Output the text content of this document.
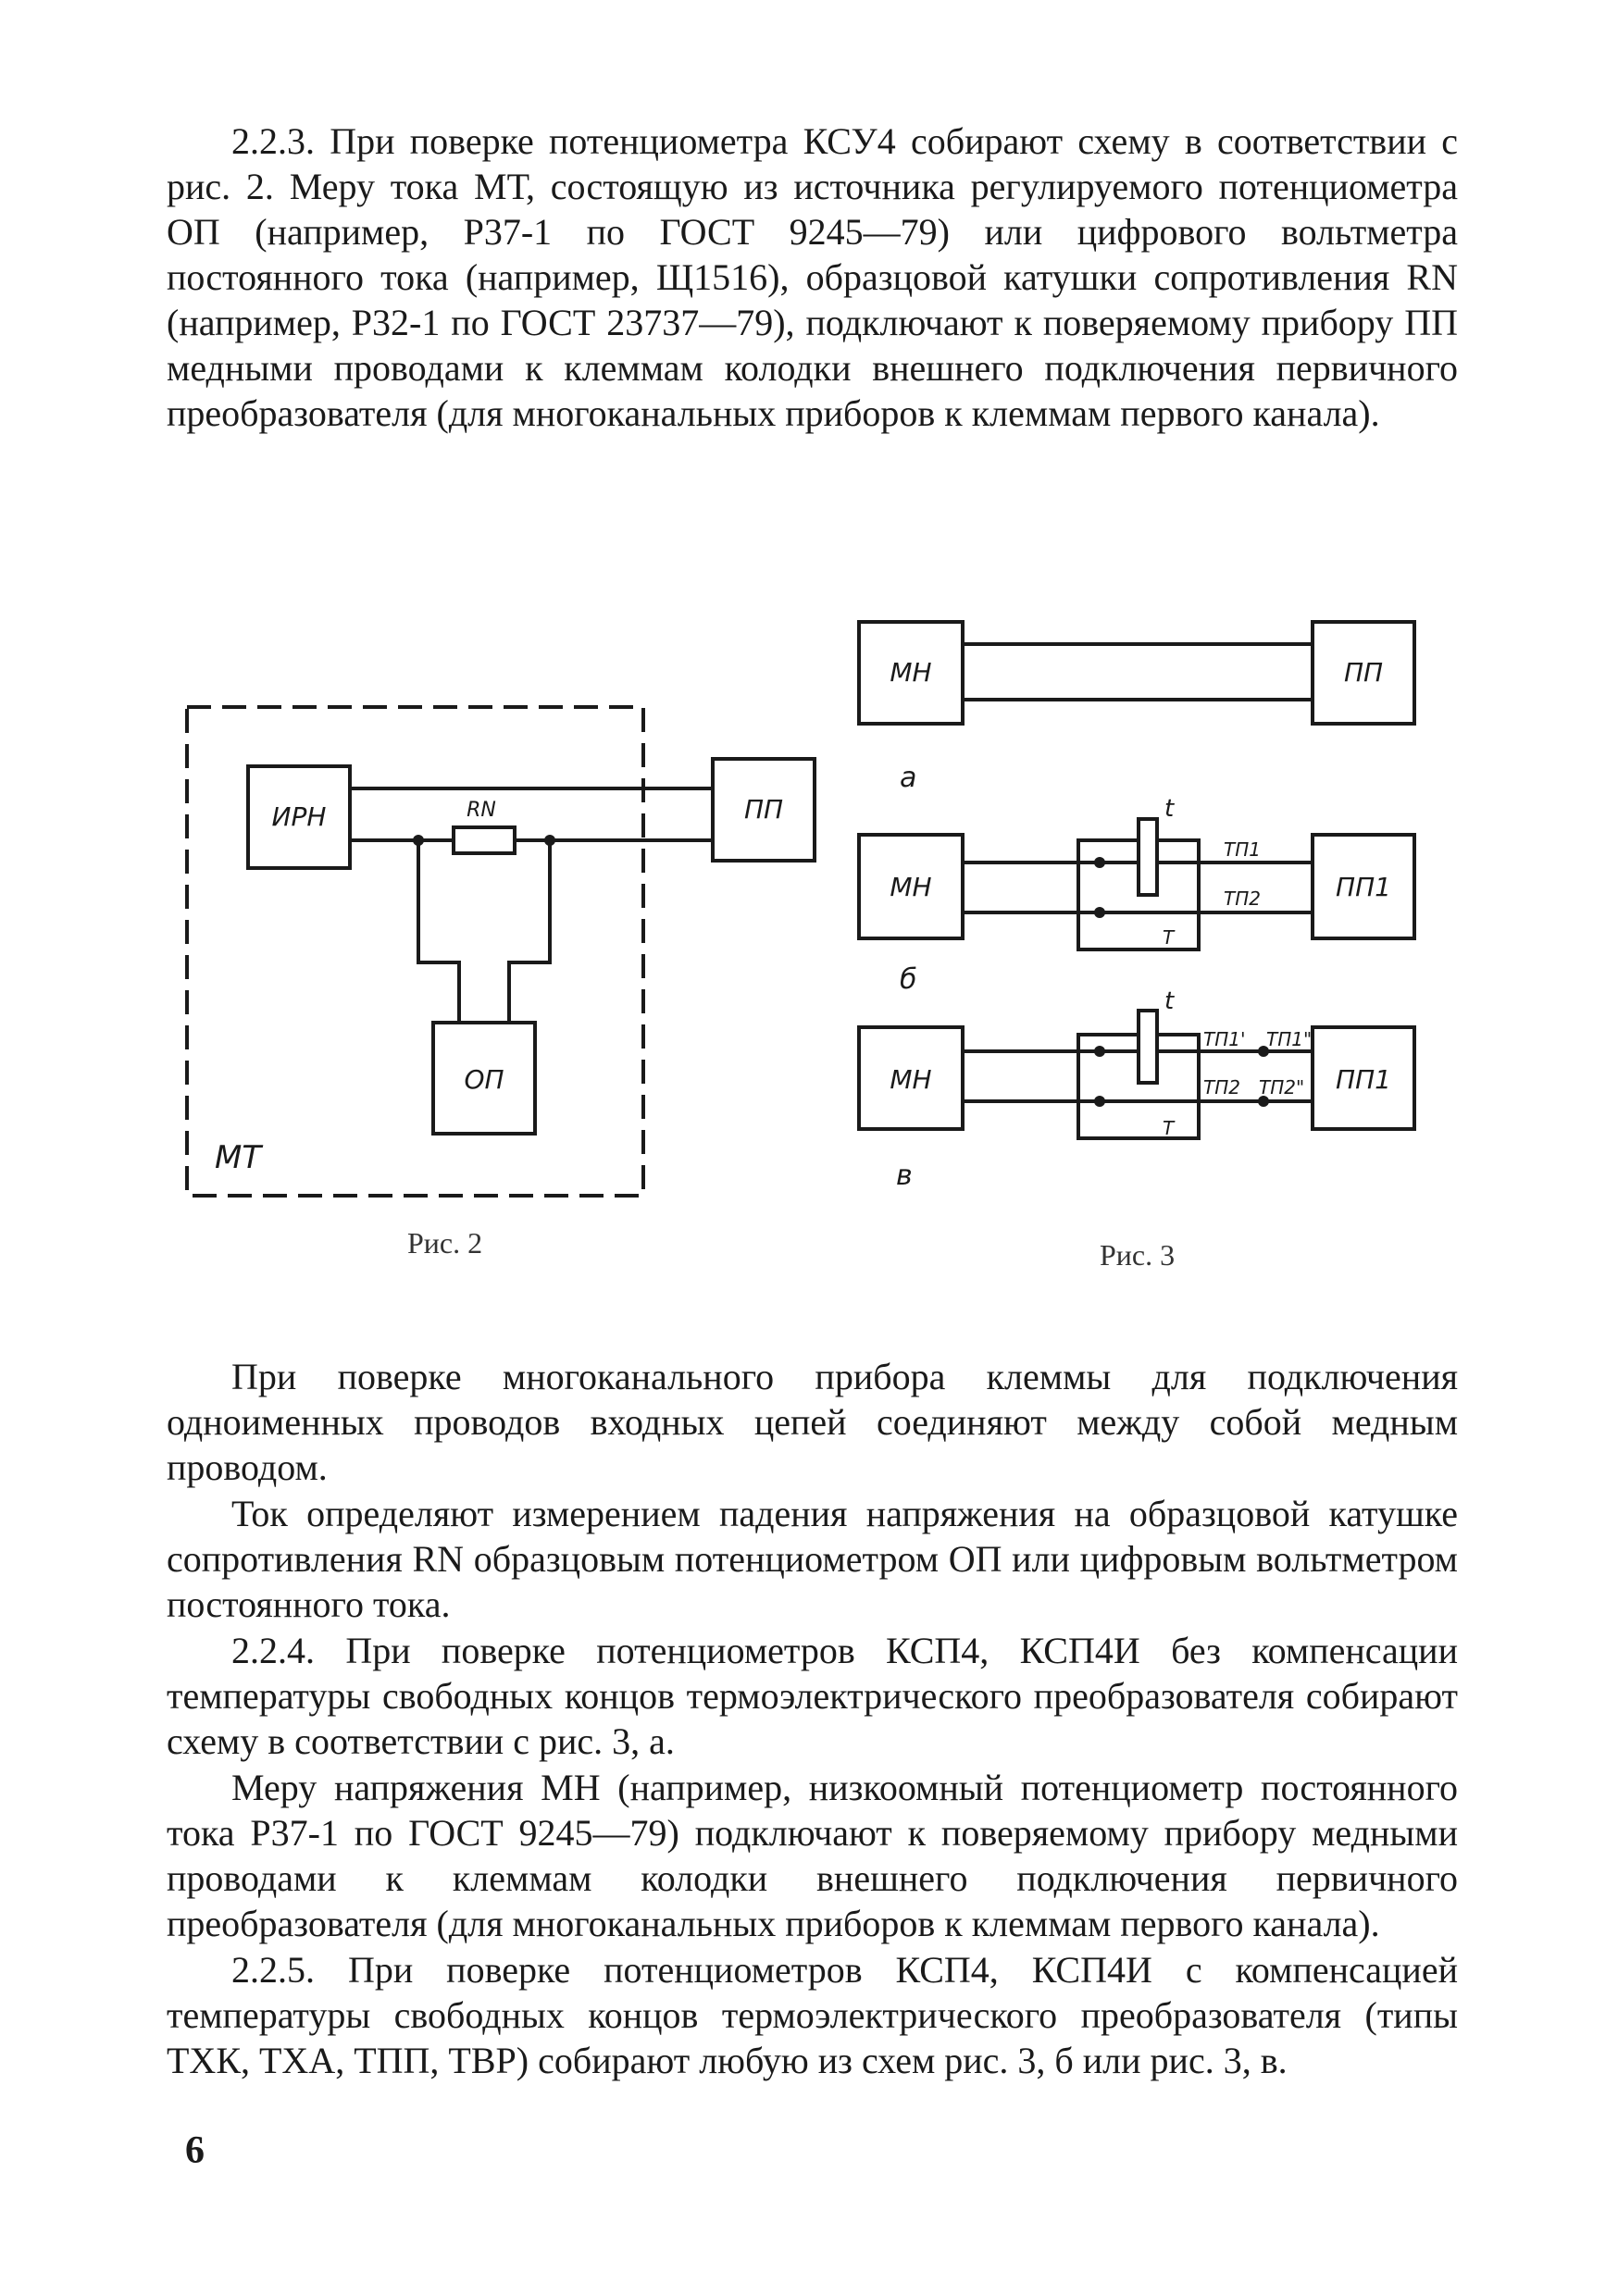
2.2.3. При поверке потенциометра КСУ4 собирают схему в соответствии с рис. 2. Меру тока МТ, состоящую из источника регулируемого потенциометра ОП (например, Р37-1 по ГОСТ 9245—79) или цифрового вольтметра постоянного тока (например, Щ1516), образцовой катушки сопротивления RN (например, Р32-1 по ГОСТ 23737—79), подключают к поверяемому прибору ПП медными проводами к клеммам колодки внешнего подключения первичного преобразователя (для многоканальных приборов к клеммам первого канала).

ИРН	ПП
ОП
RN
МТ
Рис. 2
МН	ПП
а
МН	ПП1
t
ТП1
ТП2
Т
б
МН	ПП1
t
ТП1' ТП1"
ТП2 ТП2"
Т
в
Рис. 3

При поверке многоканального прибора клеммы для подключения одноименных проводов входных цепей соединяют между собой медным проводом.

Ток определяют измерением падения напряжения на образцовой катушке сопротивления RN образцовым потенциометром ОП или цифровым вольтметром постоянного тока.

2.2.4. При поверке потенциометров КСП4, КСП4И без компенсации температуры свободных концов термоэлектрического преобразователя собирают схему в соответствии с рис. 3, а.

Меру напряжения МН (например, низкоомный потенциометр постоянного тока Р37-1 по ГОСТ 9245—79) подключают к поверяемому прибору медными проводами к клеммам колодки внешнего подключения первичного преобразователя (для многоканальных приборов к клеммам первого канала).

2.2.5. При поверке потенциометров КСП4, КСП4И с компенсацией температуры свободных концов термоэлектрического преобразователя (типы ТХК, ТХА, ТПП, ТВР) собирают любую из схем рис. 3, б или рис. 3, в.

6
